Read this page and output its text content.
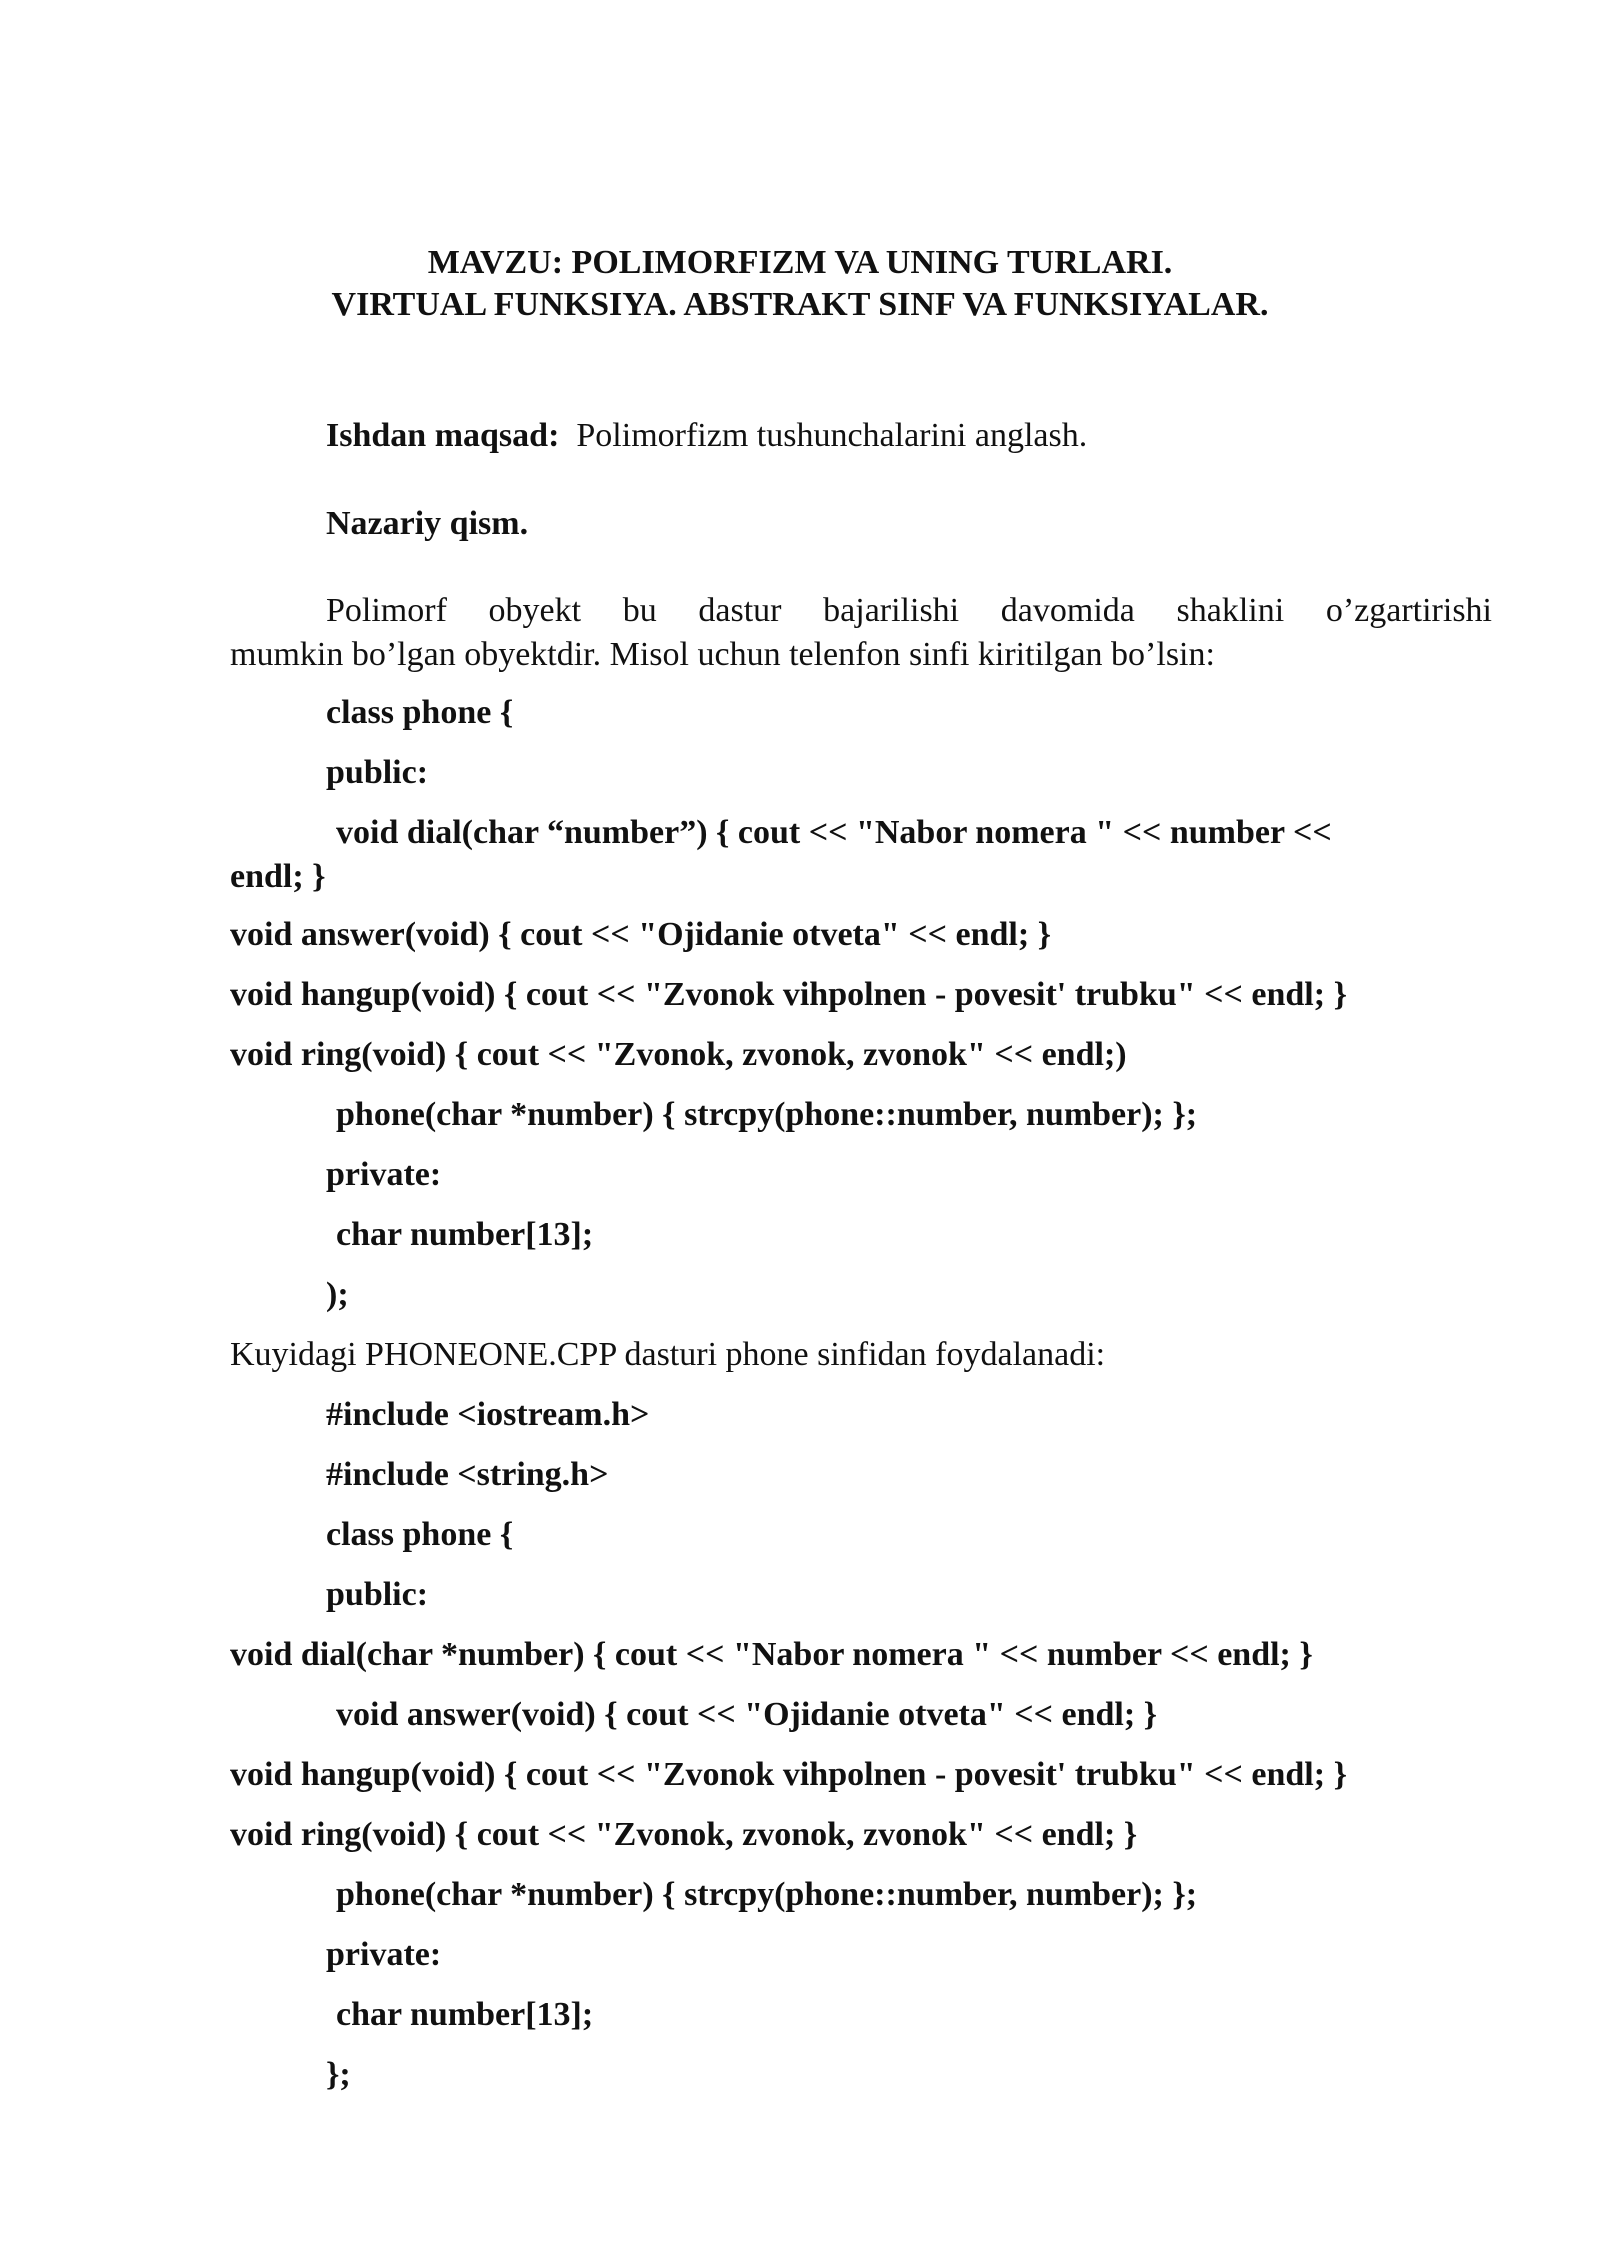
MAVZU: POLIMORFIZM VA UNING TURLARI.

VIRTUAL FUNKSIYA. ABSTRAKT SINF VA FUNKSIYALAR.

Ishdan maqsad: Polimorfizm tushunchalarini anglash.

Nazariy qism.

Polimorf obyekt bu dastur bajarilishi davomida shaklini o’zgartirishi
mumkin bo’lgan obyektdir. Misol uchun telenfon sinfi kiritilgan bo’lsin:

class phone {

public:

void dial(char “number”) { cout << "Nabor nomera " << number <<

endl; }

void answer(void) { cout << "Ojidanie otveta" << endl; }

void hangup(void) { cout << "Zvonok vihpolnen - povesit' trubku" << endl; }

void ring(void) { cout << "Zvonok, zvonok, zvonok" << endl;)

phone(char *number) { strcpy(phone::number, number); };

private:

char number[13];

);

Kuyidagi PHONEONE.CPP dasturi phone sinfidan foydalanadi:

#include <iostream.h>

#include <string.h>

class phone {

public:

void dial(char *number) { cout << "Nabor nomera " << number << endl; }

void answer(void) { cout << "Ojidanie otveta" << endl; }

void hangup(void) { cout << "Zvonok vihpolnen - povesit' trubku" << endl; }

void ring(void) { cout << "Zvonok, zvonok, zvonok" << endl; }

phone(char *number) { strcpy(phone::number, number); };

private:

char number[13];

};
